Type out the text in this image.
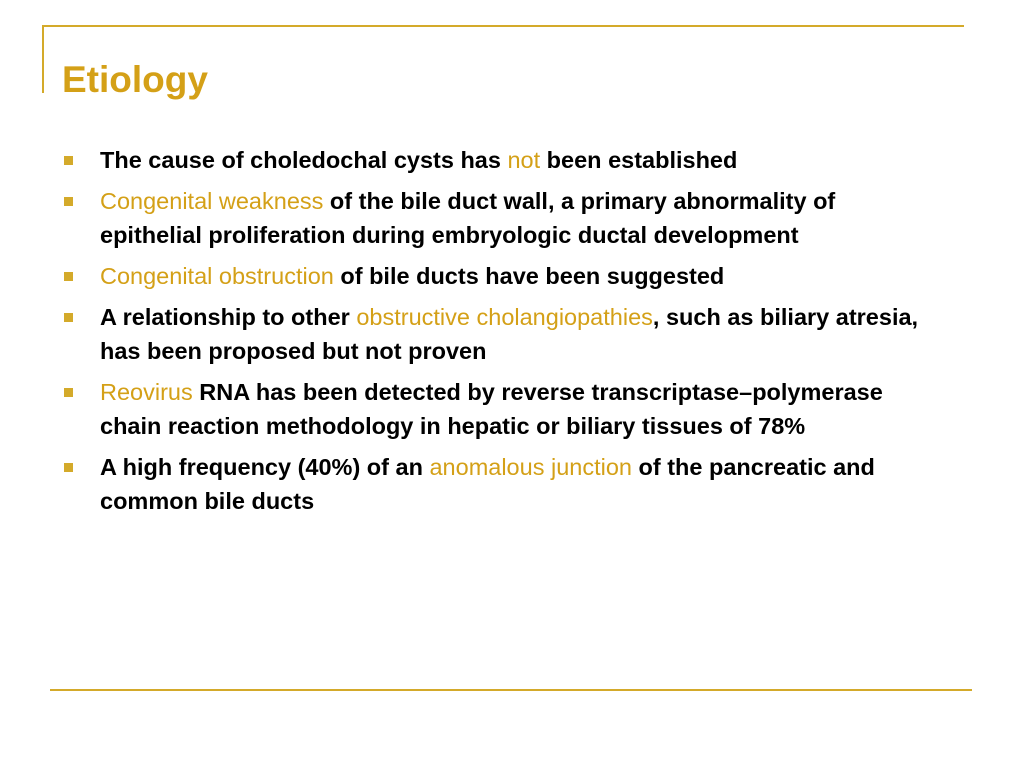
Etiology
The cause of choledochal cysts has not been established
Congenital weakness of the bile duct wall, a primary abnormality of epithelial proliferation during embryologic ductal development
Congenital obstruction of bile ducts have been suggested
A relationship to other obstructive cholangiopathies, such as biliary atresia, has been proposed but not proven
Reovirus RNA has been detected by reverse transcriptase–polymerase chain reaction methodology in hepatic or biliary tissues of 78%
A high frequency (40%) of an anomalous junction of the pancreatic and common bile ducts
